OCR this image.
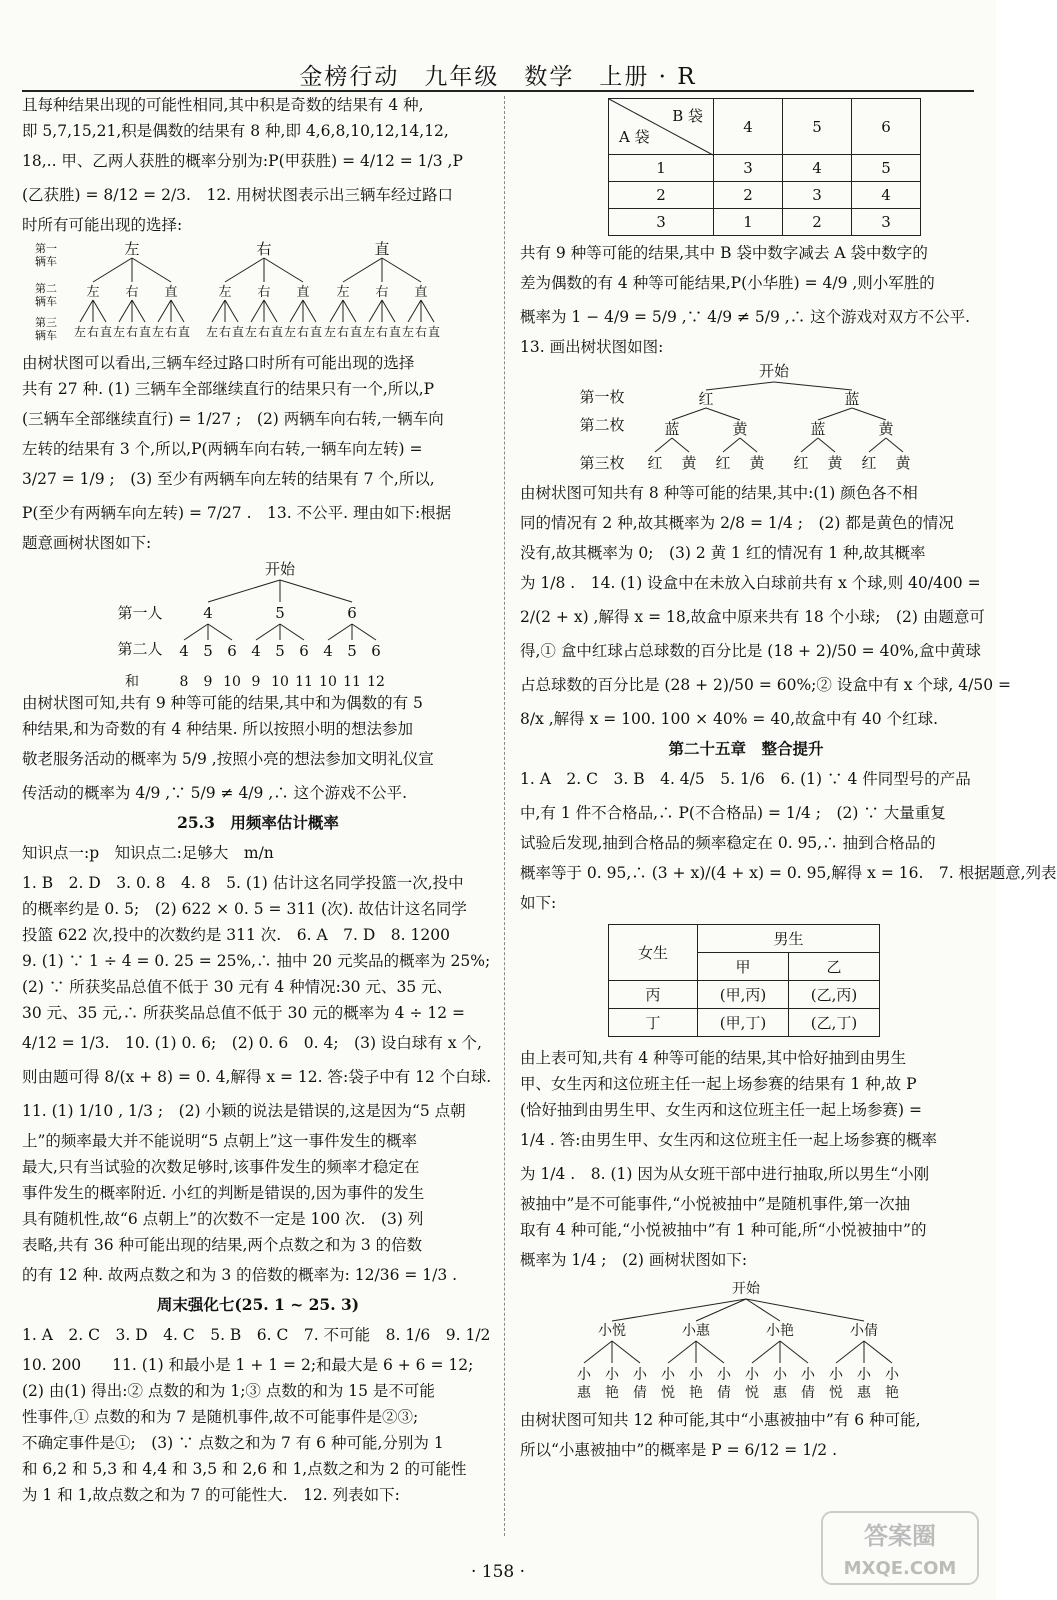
金榜行动　九年级　数学　上册 · R
且每种结果出现的可能性相同,其中积是奇数的结果有 4 种,
即 5,7,15,21,积是偶数的结果有 8 种,即 4,6,8,10,12,14,12,
18,.. 甲、乙两人获胜的概率分别为:P(甲获胜) = 4/12 = 1/3 ,P
(乙获胜) = 8/12 = 2/3.　12. 用树状图表示出三辆车经过路口
时所有可能出现的选择:
第一
辆车
第二
辆车
第三
辆车
左
左
左 右 直
右
左 右 直
直
左 右 直
右
左
左 右 直
右
左 右 直
直
左 右 直
直
左
左 右 直
右
左 右 直
直
左 右 直
由树状图可以看出,三辆车经过路口时所有可能出现的选择
共有 27 种. (1) 三辆车全部继续直行的结果只有一个,所以,P
(三辆车全部继续直行) = 1/27 ;　(2) 两辆车向右转,一辆车向
左转的结果有 3 个,所以,P(两辆车向右转,一辆车向左转) =
3/27 = 1/9 ;　(3) 至少有两辆车向左转的结果有 7 个,所以,
P(至少有两辆车向左转) = 7/27 .　13. 不公平. 理由如下:根据
题意画树状图如下:
开始
第一人
第二人
和
4
4
8
5
9
6
10
5
4
9
5
10
6
11
6
4
10
5
11
6
12
由树状图可知,共有 9 种等可能的结果,其中和为偶数的有 5
种结果,和为奇数的有 4 种结果. 所以按照小明的想法参加
敬老服务活动的概率为 5/9 ,按照小亮的想法参加文明礼仪宣
传活动的概率为 4/9 ,∵ 5/9 ≠ 4/9 ,∴ 这个游戏不公平.
25.3　用频率估计概率
知识点一:p　知识点二:足够大　m/n
1. B　2. D　3. 0. 8　4. 8　5. (1) 估计这名同学投篮一次,投中
的概率约是 0. 5;　(2) 622 × 0. 5 = 311 (次). 故估计这名同学
投篮 622 次,投中的次数约是 311 次.　6. A　7. D　8. 1200
9. (1) ∵ 1 ÷ 4 = 0. 25 = 25%,∴ 抽中 20 元奖品的概率为 25%;
(2) ∵ 所获奖品总值不低于 30 元有 4 种情况:30 元、35 元、
30 元、35 元,∴ 所获奖品总值不低于 30 元的概率为 4 ÷ 12 =
4/12 = 1/3.　10. (1) 0. 6;　(2) 0. 6　0. 4;　(3) 设白球有 x 个,
则由题可得 8/(x + 8) = 0. 4,解得 x = 12. 答:袋子中有 12 个白球.
11. (1) 1/10 , 1/3 ;　(2) 小颖的说法是错误的,这是因为“5 点朝
上”的频率最大并不能说明“5 点朝上”这一事件发生的概率
最大,只有当试验的次数足够时,该事件发生的频率才稳定在
事件发生的概率附近. 小红的判断是错误的,因为事件的发生
具有随机性,故“6 点朝上”的次数不一定是 100 次.　(3) 列
表略,共有 36 种可能出现的结果,两个点数之和为 3 的倍数
的有 12 种. 故两点数之和为 3 的倍数的概率为: 12/36 = 1/3 .
周末强化七(25. 1 ~ 25. 3)
1. A　2. C　3. D　4. C　5. B　6. C　7. 不可能　8. 1/6　9. 1/2
10. 200　　11. (1) 和最小是 1 + 1 = 2;和最大是 6 + 6 = 12;
(2) 由(1) 得出:② 点数的和为 1;③ 点数的和为 15 是不可能
性事件,① 点数的和为 7 是随机事件,故不可能事件是②③;
不确定事件是①;　(3) ∵ 点数之和为 7 有 6 种可能,分别为 1
和 6,2 和 5,3 和 4,4 和 3,5 和 2,6 和 1,点数之和为 2 的可能性
为 1 和 1,故点数之和为 7 的可能性大.　12. 列表如下:
B 袋
A 袋	4	5	6
1	3	4	5
2	2	3	4
3	1	2	3
共有 9 种等可能的结果,其中 B 袋中数字减去 A 袋中数字的
差为偶数的有 4 种等可能结果,P(小华胜) = 4/9 ,则小军胜的
概率为 1 − 4/9 = 5/9 ,∵ 4/9 ≠ 5/9 ,∴ 这个游戏对双方不公平.
13. 画出树状图如图:
开始
第一枚
第二枚
第三枚
红
蓝
红 黄
黄
红 黄
蓝
蓝
红 黄
黄
红 黄
由树状图可知共有 8 种等可能的结果,其中:(1) 颜色各不相
同的情况有 2 种,故其概率为 2/8 = 1/4 ;　(2) 都是黄色的情况
没有,故其概率为 0;　(3) 2 黄 1 红的情况有 1 种,故其概率
为 1/8 .　14. (1) 设盒中在未放入白球前共有 x 个球,则 40/400 =
2/(2 + x) ,解得 x = 18,故盒中原来共有 18 个小球;　(2) 由题意可
得,① 盒中红球占总球数的百分比是 (18 + 2)/50 = 40%,盒中黄球
占总球数的百分比是 (28 + 2)/50 = 60%;② 设盒中有 x 个球, 4/50 =
8/x ,解得 x = 100. 100 × 40% = 40,故盒中有 40 个红球.
第二十五章　整合提升
1. A　2. C　3. B　4. 4/5　5. 1/6　6. (1) ∵ 4 件同型号的产品
中,有 1 件不合格品,∴ P(不合格品) = 1/4 ;　(2) ∵ 大量重复
试验后发现,抽到合格品的频率稳定在 0. 95,∴ 抽到合格品的
概率等于 0. 95,∴ (3 + x)/(4 + x) = 0. 95,解得 x = 16.　7. 根据题意,列表
如下:
女生	男生	
	甲	乙
丙	(甲,丙)	(乙,丙)
丁	(甲,丁)	(乙,丁)
由上表可知,共有 4 种等可能的结果,其中恰好抽到由男生
甲、女生丙和这位班主任一起上场参赛的结果有 1 种,故 P
(恰好抽到由男生甲、女生丙和这位班主任一起上场参赛) =
1/4 . 答:由男生甲、女生丙和这位班主任一起上场参赛的概率
为 1/4 .　8. (1) 因为从女班干部中进行抽取,所以男生“小刚
被抽中”是不可能事件,“小悦被抽中”是随机事件,第一次抽
取有 4 种可能,“小悦被抽中”有 1 种可能,所“小悦被抽中”的
概率为 1/4 ;　(2) 画树状图如下:
开始
小悦
小
惠
小
艳
小
倩
小惠
小
悦
小
艳
小
倩
小艳
小
悦
小
惠
小
倩
小倩
小
悦
小
惠
小
艳
由树状图可知共 12 种可能,其中“小惠被抽中”有 6 种可能,
所以“小惠被抽中”的概率是 P = 6/12 = 1/2 .
· 158 ·
答案圈
MXQE.COM
